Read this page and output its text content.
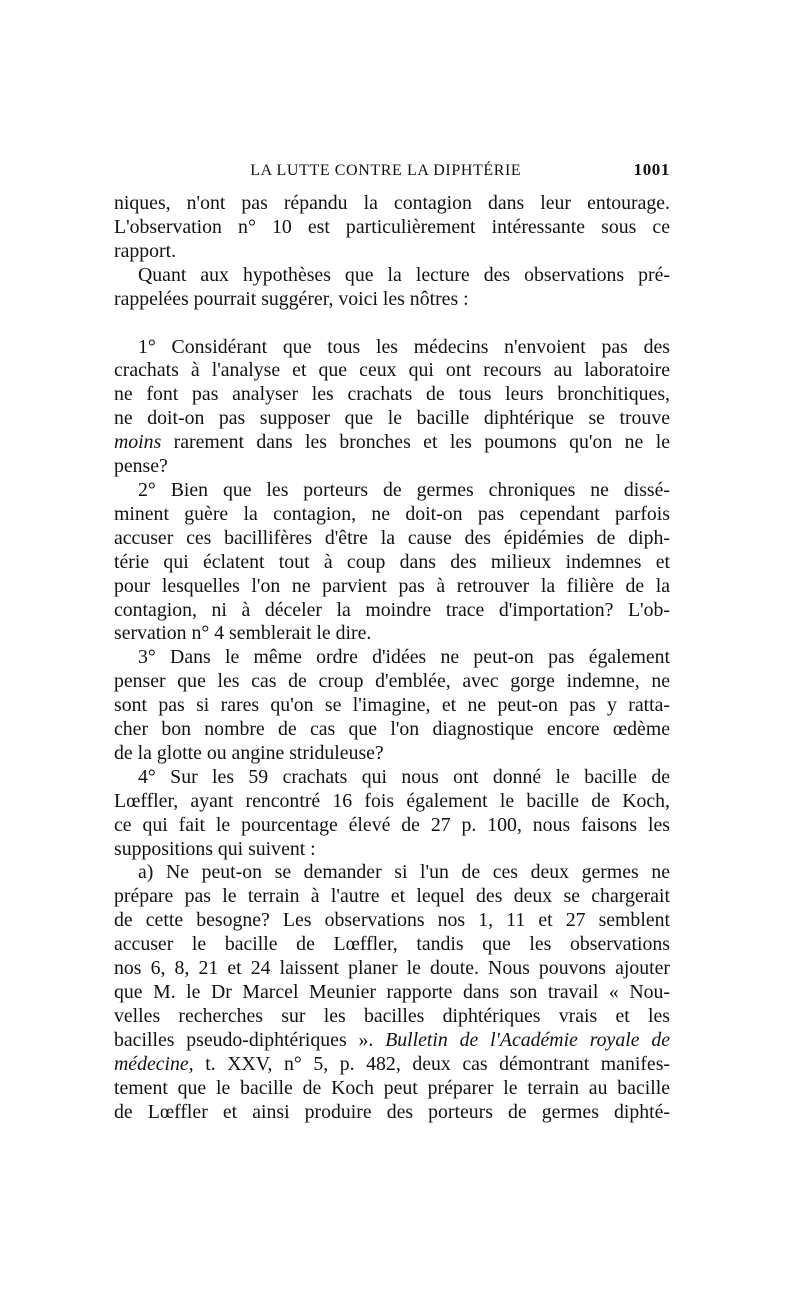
LA LUTTE CONTRE LA DIPHTÉRIE	1001
niques, n'ont pas répandu la contagion dans leur entourage.
L'observation n° 10 est particulièrement intéressante sous ce
rapport.
Quant aux hypothèses que la lecture des observations pré-
rappelées pourrait suggérer, voici les nôtres :
1° Considérant que tous les médecins n'envoient pas des
crachats à l'analyse et que ceux qui ont recours au laboratoire
ne font pas analyser les crachats de tous leurs bronchitiques,
ne doit-on pas supposer que le bacille diphtérique se trouve
moins rarement dans les bronches et les poumons qu'on ne le
pense?
2° Bien que les porteurs de germes chroniques ne dissé-
minent guère la contagion, ne doit-on pas cependant parfois
accuser ces bacillifères d'être la cause des épidémies de diph-
térie qui éclatent tout à coup dans des milieux indemnes et
pour lesquelles l'on ne parvient pas à retrouver la filière de la
contagion, ni à déceler la moindre trace d'importation? L'ob-
servation n° 4 semblerait le dire.
3° Dans le même ordre d'idées ne peut-on pas également
penser que les cas de croup d'emblée, avec gorge indemne, ne
sont pas si rares qu'on se l'imagine, et ne peut-on pas y ratta-
cher bon nombre de cas que l'on diagnostique encore œdème
de la glotte ou angine striduleuse?
4° Sur les 59 crachats qui nous ont donné le bacille de
Lœffler, ayant rencontré 16 fois également le bacille de Koch,
ce qui fait le pourcentage élevé de 27 p. 100, nous faisons les
suppositions qui suivent :
a) Ne peut-on se demander si l'un de ces deux germes ne
prépare pas le terrain à l'autre et lequel des deux se chargerait
de cette besogne? Les observations nos 1, 11 et 27 semblent
accuser le bacille de Lœffler, tandis que les observations
nos 6, 8, 21 et 24 laissent planer le doute. Nous pouvons ajouter
que M. le Dr Marcel Meunier rapporte dans son travail « Nou-
velles recherches sur les bacilles diphtériques vrais et les
bacilles pseudo-diphtériques ». Bulletin de l'Académie royale de
médecine, t. XXV, n° 5, p. 482, deux cas démontrant manifes-
tement que le bacille de Koch peut préparer le terrain au bacille
de Lœffler et ainsi produire des porteurs de germes diphté-
